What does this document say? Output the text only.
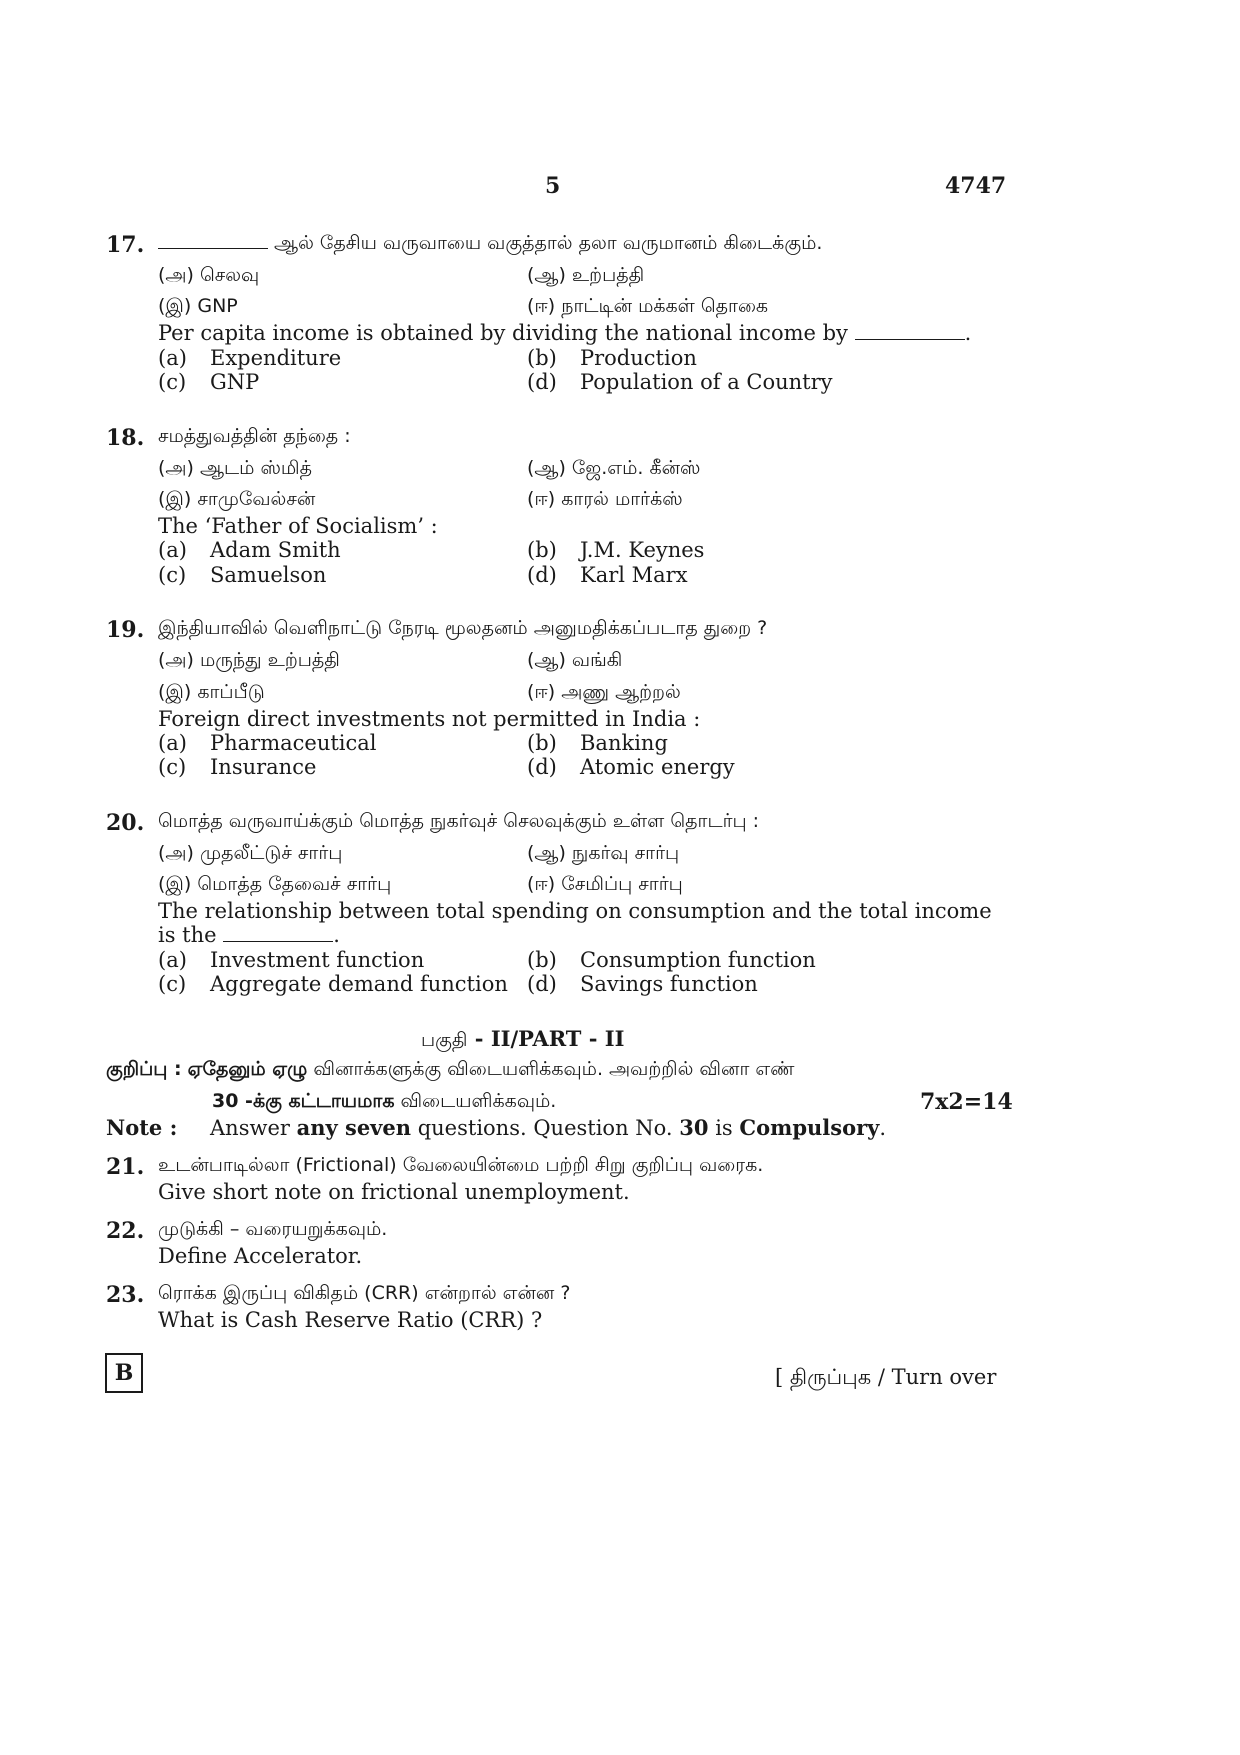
5	4747
17.	ஆல் தேசிய வருவாயை வகுத்தால் தலா வருமானம் கிடைக்கும்.
(அ) செலவு	(ஆ) உற்பத்தி
(இ) GNP	(ஈ) நாட்டின் மக்கள் தொகை
Per capita income is obtained by dividing the national income by	.
(a) Expenditure	(b) Production
(c) GNP	(d) Population of a Country
18. சமத்துவத்தின் தந்தை :
(அ) ஆடம் ஸ்மித்	(ஆ) ஜே.எம். கீன்ஸ்
(இ) சாமுவேல்சன்	(ஈ) காரல் மார்க்ஸ்
The ‘Father of Socialism’ :
(a) Adam Smith	(b) J.M. Keynes
(c) Samuelson	(d) Karl Marx
19. இந்தியாவில் வெளிநாட்டு நேரடி மூலதனம் அனுமதிக்கப்படாத துறை ?
(அ) மருந்து உற்பத்தி	(ஆ) வங்கி
(இ) காப்பீடு	(ஈ) அணு ஆற்றல்
Foreign direct investments not permitted in India :
(a) Pharmaceutical	(b) Banking
(c) Insurance	(d) Atomic energy
20. மொத்த வருவாய்க்கும் மொத்த நுகர்வுச் செலவுக்கும் உள்ள தொடர்பு :
(அ) முதலீட்டுச் சார்பு	(ஆ) நுகர்வு சார்பு
(இ) மொத்த தேவைச் சார்பு	(ஈ) சேமிப்பு சார்பு
The relationship between total spending on consumption and the total income
is the	.
(a) Investment function	(b) Consumption function
(c) Aggregate demand function (d) Savings function
பகுதி - II/PART - II
குறிப்பு : ஏதேனும் ஏழு வினாக்களுக்கு விடையளிக்கவும். அவற்றில் வினா எண்
30 -க்கு கட்டாயமாக விடையளிக்கவும்.	7x2=14
Note : Answer any seven questions. Question No. 30 is Compulsory.
21. உடன்பாடில்லா (Frictional) வேலையின்மை பற்றி சிறு குறிப்பு வரைக.
Give short note on frictional unemployment.
22. முடுக்கி – வரையறுக்கவும்.
Define Accelerator.
23. ரொக்க இருப்பு விகிதம் (CRR) என்றால் என்ன ?
What is Cash Reserve Ratio (CRR) ?
B	[ திருப்புக / Turn over
